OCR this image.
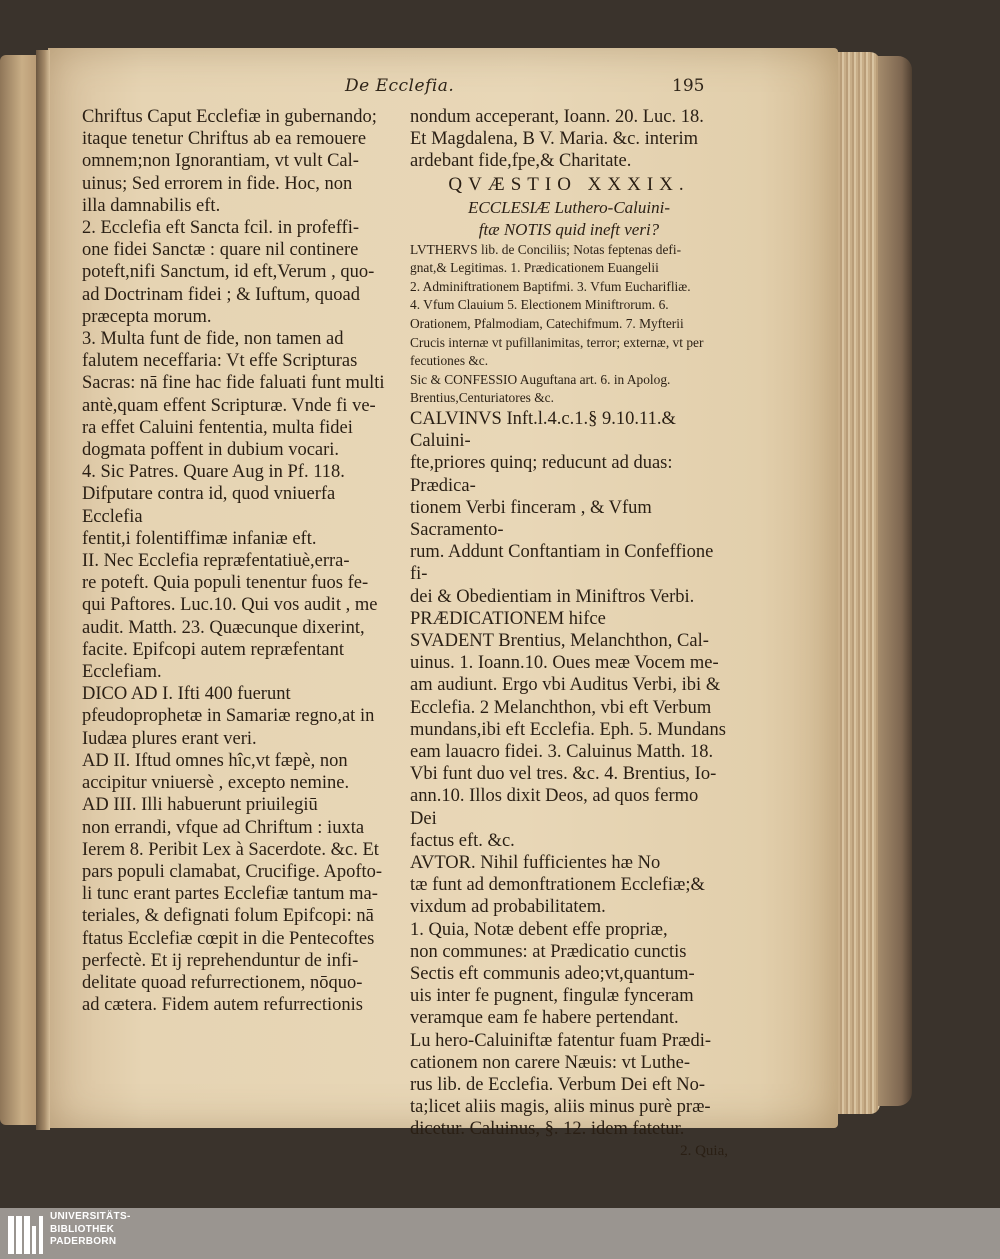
De Ecclefia.	195

Chriftus Caput Ecclefiæ in gubernando;
itaque tenetur Chriftus ab ea remouere
omnem;non Ignorantiam, vt vult Cal-
uinus; Sed errorem in fide. Hoc, non
illa damnabilis eft.

2. Ecclefia eft Sancta fcil. in profeffi-
one fidei Sanctæ : quare nil continere
poteft,nifi Sanctum, id eft,Verum , quo-
ad Doctrinam fidei ; & Iuftum, quoad
præcepta morum.

3. Multa funt de fide, non tamen ad
falutem neceffaria: Vt effe Scripturas
Sacras: nā fine hac fide faluati funt multi
antè,quam effent Scripturæ. Vnde fi ve-
ra effet Caluini fententia, multa fidei
dogmata poffent in dubium vocari.

4. Sic Patres. Quare Aug in Pf. 118.
Difputare contra id, quod vniuerfa Ecclefia
fentit,i folentiffimæ infaniæ eft.

II. Nec Ecclefia repræfentatiuè,erra-
re poteft. Quia populi tenentur fuos fe-
qui Paftores. Luc.10. Qui vos audit , me
audit. Matth. 23. Quæcunque dixerint,
facite. Epifcopi autem repræfentant
Ecclefiam.

DICO AD I. Ifti 400 fuerunt
pfeudoprophetæ in Samariæ regno,at in
Iudæa plures erant veri.

AD II. Iftud omnes hîc,vt fæpè, non
accipitur vniuersè , excepto nemine.

AD III. Illi habuerunt priuilegiū
non errandi, vfque ad Chriftum : iuxta
Ierem 8. Peribit Lex à Sacerdote. &c. Et
pars populi clamabat, Crucifige. Apofto-
li tunc erant partes Ecclefiæ tantum ma-
teriales, & defignati folum Epifcopi: nā
ftatus Ecclefiæ cœpit in die Pentecoftes
perfectè. Et ij reprehenduntur de infi-
delitate quoad refurrectionem, nōquo-
ad cætera. Fidem autem refurrectionis

nondum acceperant, Ioann. 20. Luc. 18.
Et Magdalena, B V. Maria. &c. interim
ardebant fide,fpe,& Charitate.

QVÆSTIO XXXIX.

ECCLESIÆ Luthero-Caluini-
ftæ NOTIS quid ineft veri?

LVTHERVS lib. de Conciliis; Notas feptenas defi-
gnat,& Legitimas. 1. Prædicationem Euangelii
2. Adminiftrationem Baptifmi. 3. Vfum Eucharifliæ.
4. Vfum Clauium 5. Electionem Miniftrorum. 6.
Orationem, Pfalmodiam, Catechifmum. 7. Myfterii
Crucis internæ vt pufillanimitas, terror; externæ, vt per
fecutiones &c.

Sic & CONFESSIO Auguftana art. 6. in Apolog.
Brentius,Centuriatores &c.

CALVINVS Inft.l.4.c.1.§ 9.10.11.& Caluini-
fte,priores quinq; reducunt ad duas: Prædica-
tionem Verbi finceram , & Vfum Sacramento-
rum. Addunt Conftantiam in Confeffione fi-
dei & Obedientiam in Miniftros Verbi.

PRÆDICATIONEM hifce
SVADENT Brentius, Melanchthon, Cal-
uinus. 1. Ioann.10. Oues meæ Vocem me-
am audiunt. Ergo vbi Auditus Verbi, ibi &
Ecclefia. 2 Melanchthon, vbi eft Verbum
mundans,ibi eft Ecclefia. Eph. 5. Mundans
eam lauacro fidei. 3. Caluinus Matth. 18.
Vbi funt duo vel tres. &c. 4. Brentius, Io-
ann.10. Illos dixit Deos, ad quos fermo Dei
factus eft. &c.

AVTOR. Nihil fufficientes hæ No
tæ funt ad demonftrationem Ecclefiæ;&
vixdum ad probabilitatem.

1. Quia, Notæ debent effe propriæ,
non communes: at Prædicatio cunctis
Sectis eft communis adeo;vt,quantum-
uis inter fe pugnent, fingulæ fynceram
veramque eam fe habere pertendant.
Lu hero-Caluiniftæ fatentur fuam Prædi-
cationem non carere Næuis: vt Luthe-
rus lib. de Ecclefia. Verbum Dei eft No-
ta;licet aliis magis, aliis minus purè præ-
dicetur. Caluinus, §. 12. idem fatetur.

2. Quia,

UNIVERSITÄTS-
BIBLIOTHEK
PADERBORN
